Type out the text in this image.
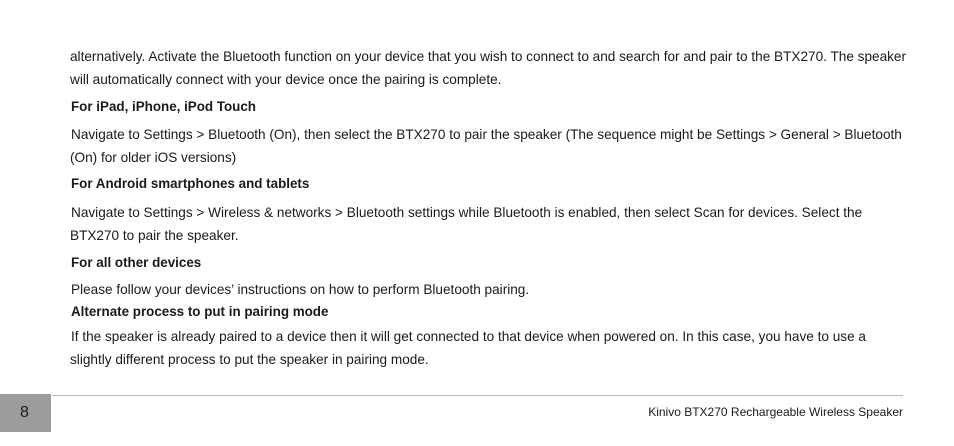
alternatively. Activate the Bluetooth function on your device that you wish to connect to and search for and pair to the BTX270. The speaker will automatically connect with your device once the pairing is complete.

For iPad, iPhone, iPod Touch

Navigate to Settings > Bluetooth (On), then select the BTX270 to pair the speaker (The sequence might be Settings > General > Bluetooth (On) for older iOS versions)

For Android smartphones and tablets

Navigate to Settings > Wireless & networks > Bluetooth settings while Bluetooth is enabled, then select Scan for devices. Select the BTX270 to pair the speaker.

For all other devices

Please follow your devices’ instructions on how to perform Bluetooth pairing.

Alternate process to put in pairing mode

If the speaker is already paired to a device then it will get connected to that device when powered on. In this case, you have to use a slightly different process to put the speaker in pairing mode.

8	Kinivo BTX270 Rechargeable Wireless Speaker
